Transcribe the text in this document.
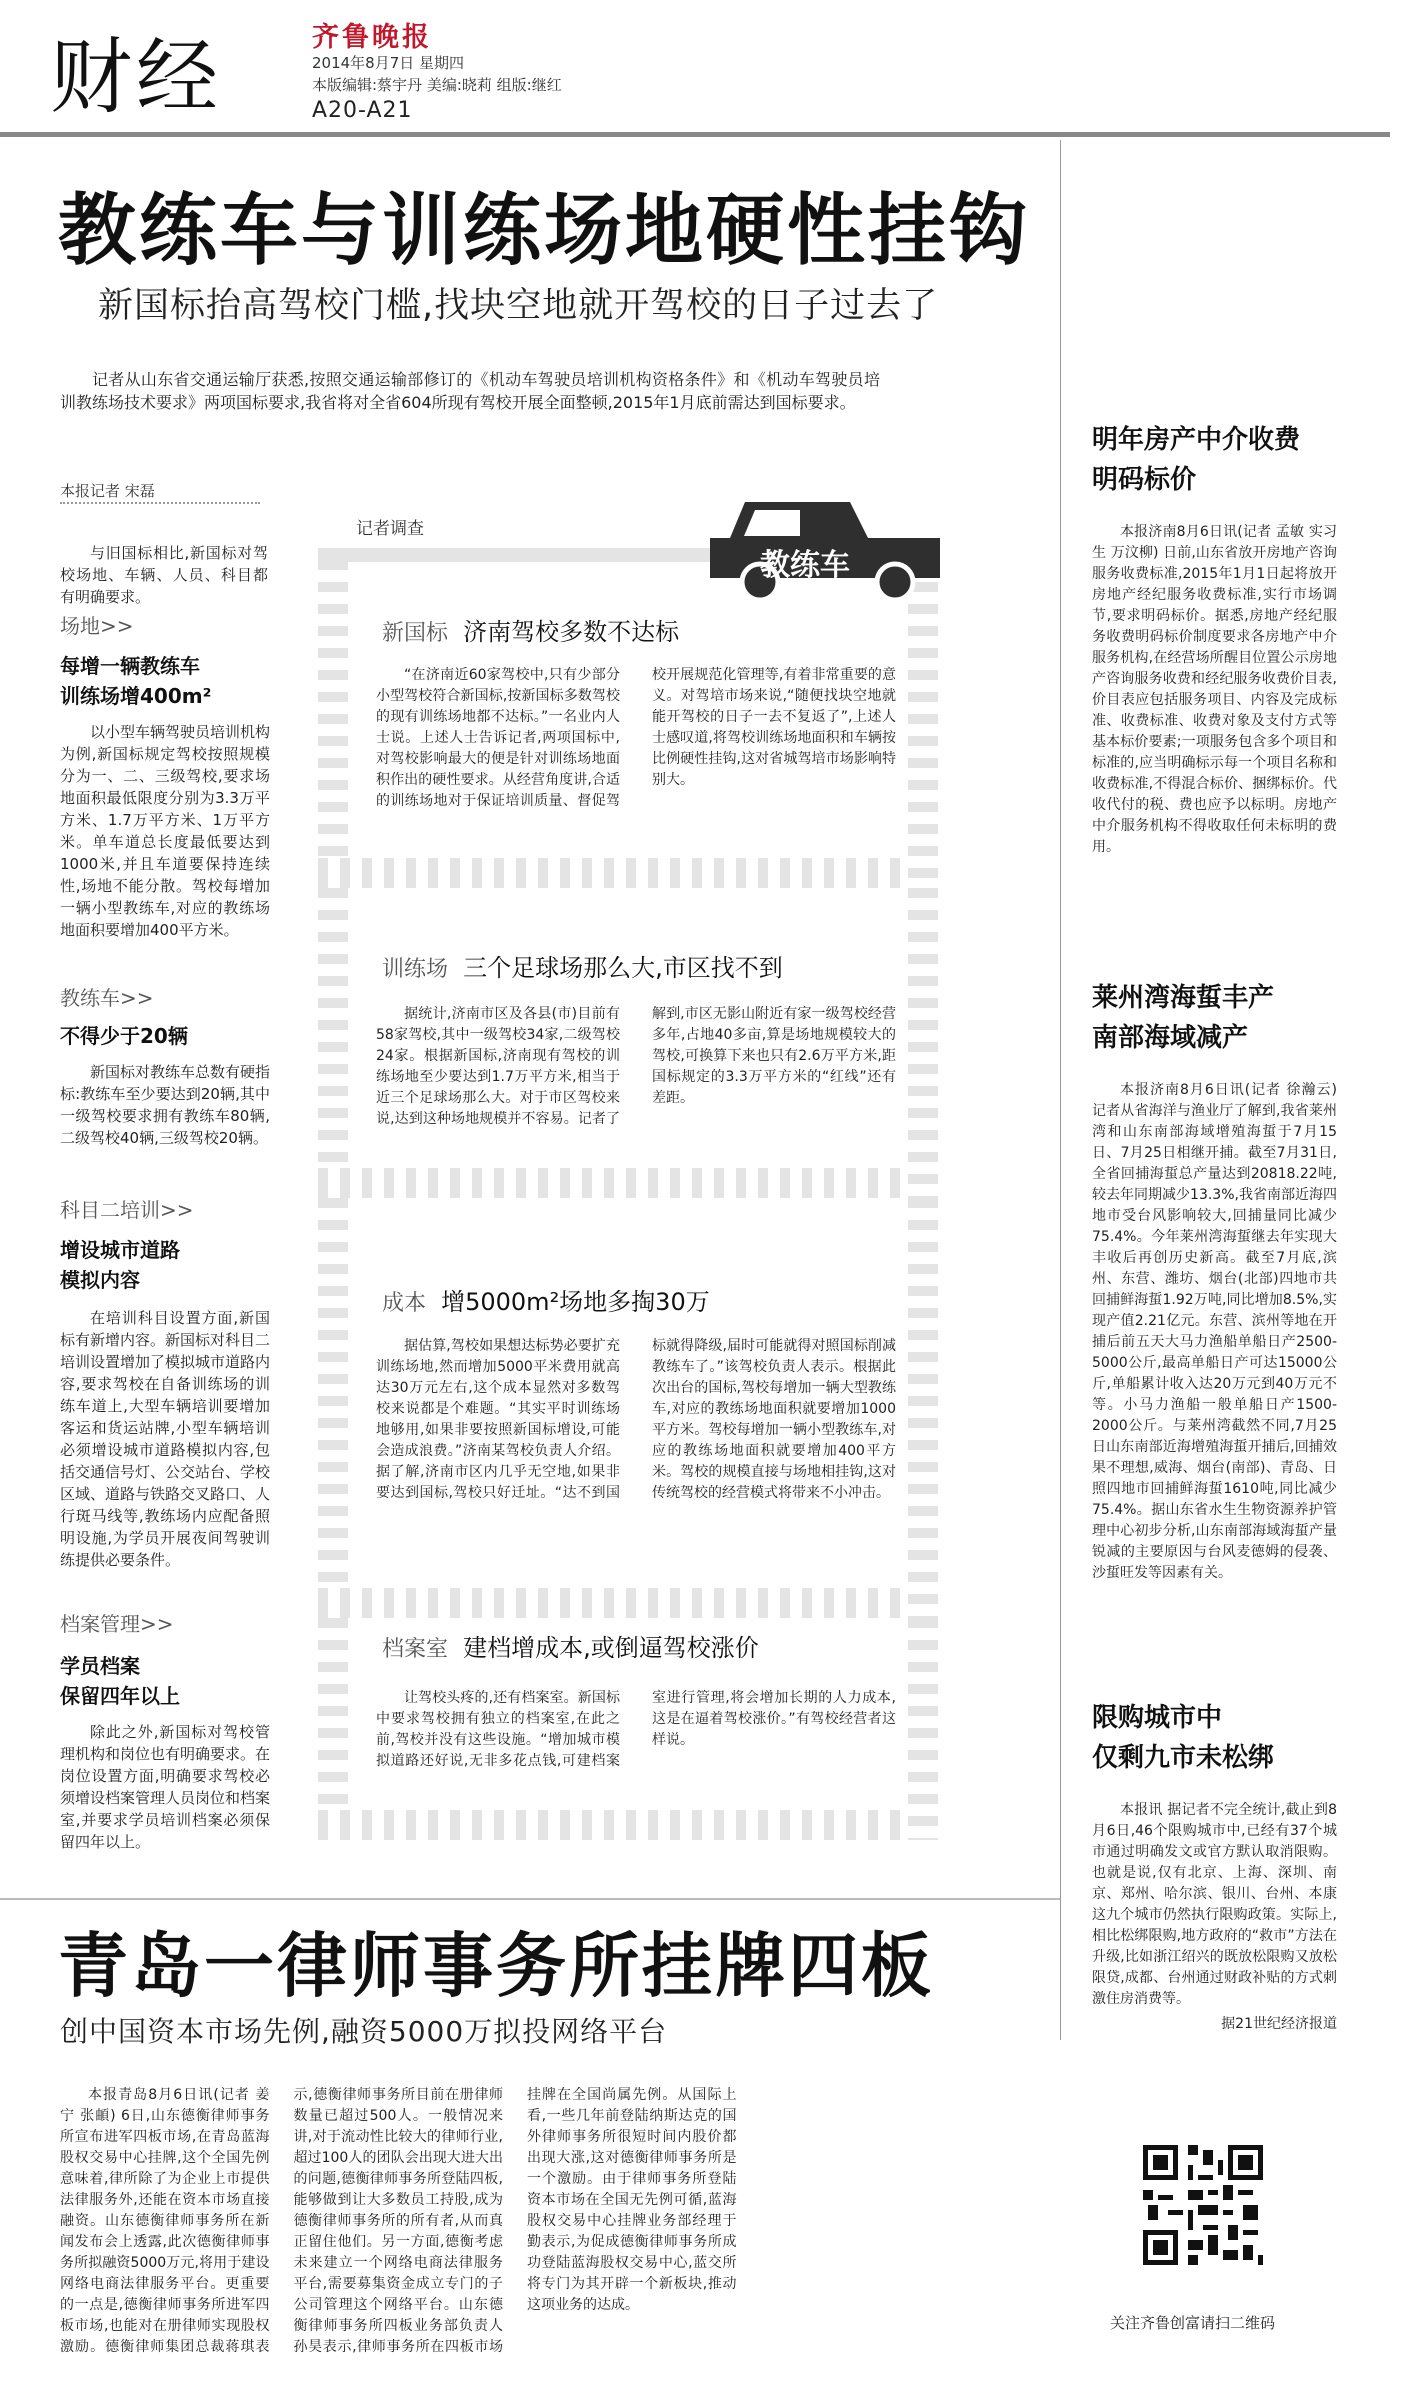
财经	齐鲁晚报
2014年8月7日 星期四
本版编辑:蔡宇丹 美编:晓莉 组版:继红
A20-A21
教练车与训练场地硬性挂钩
新国标抬高驾校门槛,找块空地就开驾校的日子过去了
记者从山东省交通运输厅获悉,按照交通运输部修订的《机动车驾驶员培训机构资格条件》和《机动车驾驶员培训教练场技术要求》两项国标要求,我省将对全省604所现有驾校开展全面整顿,2015年1月底前需达到国标要求。
本报记者 宋磊
与旧国标相比,新国标对驾校场地、车辆、人员、科目都有明确要求。
场地>>
每增一辆教练车
训练场增400m²
以小型车辆驾驶员培训机构为例,新国标规定驾校按照规模分为一、二、三级驾校,要求场地面积最低限度分别为3.3万平方米、1.7万平方米、1万平方米。单车道总长度最低要达到1000米,并且车道要保持连续性,场地不能分散。驾校每增加一辆小型教练车,对应的教练场地面积要增加400平方米。
教练车>>
不得少于20辆
新国标对教练车总数有硬指标:教练车至少要达到20辆,其中一级驾校要求拥有教练车80辆,二级驾校40辆,三级驾校20辆。
科目二培训>>
增设城市道路
模拟内容
在培训科目设置方面,新国标有新增内容。新国标对科目二培训设置增加了模拟城市道路内容,要求驾校在自备训练场的训练车道上,大型车辆培训要增加客运和货运站牌,小型车辆培训必须增设城市道路模拟内容,包括交通信号灯、公交站台、学校区域、道路与铁路交叉路口、人行斑马线等,教练场内应配备照明设施,为学员开展夜间驾驶训练提供必要条件。
档案管理>>
学员档案
保留四年以上
除此之外,新国标对驾校管理机构和岗位也有明确要求。在岗位设置方面,明确要求驾校必须增设档案管理人员岗位和档案室,并要求学员培训档案必须保留四年以上。
记者调查
教练车
新国标 济南驾校多数不达标
“在济南近60家驾校中,只有少部分小型驾校符合新国标,按新国标多数驾校的现有训练场地都不达标。”一名业内人士说。上述人士告诉记者,两项国标中,对驾校影响最大的便是针对训练场地面积作出的硬性要求。从经营角度讲,合适的训练场地对于保证培训质量、督促驾校开展规范化管理等,有着非常重要的意义。对驾培市场来说,“随便找块空地就能开驾校的日子一去不复返了”,上述人士感叹道,将驾校训练场地面积和车辆按比例硬性挂钩,这对省城驾培市场影响特别大。
训练场 三个足球场那么大,市区找不到
据统计,济南市区及各县(市)目前有58家驾校,其中一级驾校34家,二级驾校24家。根据新国标,济南现有驾校的训练场地至少要达到1.7万平方米,相当于近三个足球场那么大。对于市区驾校来说,达到这种场地规模并不容易。记者了解到,市区无影山附近有家一级驾校经营多年,占地40多亩,算是场地规模较大的驾校,可换算下来也只有2.6万平方米,距国标规定的3.3万平方米的“红线”还有差距。
成本 增5000m²场地多掏30万
据估算,驾校如果想达标势必要扩充训练场地,然而增加5000平米费用就高达30万元左右,这个成本显然对多数驾校来说都是个难题。“其实平时训练场地够用,如果非要按照新国标增设,可能会造成浪费。”济南某驾校负责人介绍。据了解,济南市区内几乎无空地,如果非要达到国标,驾校只好迁址。“达不到国标就得降级,届时可能就得对照国标削减教练车了。”该驾校负责人表示。根据此次出台的国标,驾校每增加一辆大型教练车,对应的教练场地面积就要增加1000平方米。驾校每增加一辆小型教练车,对应的教练场地面积就要增加400平方米。驾校的规模直接与场地相挂钩,这对传统驾校的经营模式将带来不小冲击。
档案室 建档增成本,或倒逼驾校涨价
让驾校头疼的,还有档案室。新国标中要求驾校拥有独立的档案室,在此之前,驾校并没有这些设施。“增加城市模拟道路还好说,无非多花点钱,可建档案室进行管理,将会增加长期的人力成本,这是在逼着驾校涨价。”有驾校经营者这样说。
明年房产中介收费
明码标价
本报济南8月6日讯(记者 孟敏 实习生 万汶柳) 日前,山东省放开房地产咨询服务收费标准,2015年1月1日起将放开房地产经纪服务收费标准,实行市场调节,要求明码标价。据悉,房地产经纪服务收费明码标价制度要求各房地产中介服务机构,在经营场所醒目位置公示房地产咨询服务收费和经纪服务收费价目表,价目表应包括服务项目、内容及完成标准、收费标准、收费对象及支付方式等基本标价要素;一项服务包含多个项目和标准的,应当明确标示每一个项目名称和收费标准,不得混合标价、捆绑标价。代收代付的税、费也应予以标明。房地产中介服务机构不得收取任何未标明的费用。
莱州湾海蜇丰产
南部海域减产
本报济南8月6日讯(记者 徐瀚云) 记者从省海洋与渔业厅了解到,我省莱州湾和山东南部海域增殖海蜇于7月15日、7月25日相继开捕。截至7月31日,全省回捕海蜇总产量达到20818.22吨,较去年同期减少13.3%,我省南部近海四地市受台风影响较大,回捕量同比减少75.4%。今年莱州湾海蜇继去年实现大丰收后再创历史新高。截至7月底,滨州、东营、潍坊、烟台(北部)四地市共回捕鲜海蜇1.92万吨,同比增加8.5%,实现产值2.21亿元。东营、滨州等地在开捕后前五天大马力渔船单船日产2500-5000公斤,最高单船日产可达15000公斤,单船累计收入达20万元到40万元不等。小马力渔船一般单船日产1500-2000公斤。与莱州湾截然不同,7月25日山东南部近海增殖海蜇开捕后,回捕效果不理想,威海、烟台(南部)、青岛、日照四地市回捕鲜海蜇1610吨,同比减少75.4%。据山东省水生生物资源养护管理中心初步分析,山东南部海域海蜇产量锐减的主要原因与台风麦德姆的侵袭、沙蜇旺发等因素有关。
限购城市中
仅剩九市未松绑
本报讯 据记者不完全统计,截止到8月6日,46个限购城市中,已经有37个城市通过明确发文或官方默认取消限购。也就是说,仅有北京、上海、深圳、南京、郑州、哈尔滨、银川、台州、本康这九个城市仍然执行限购政策。实际上,相比松绑限购,地方政府的“救市”方法在升级,比如浙江绍兴的既放松限购又放松限贷,成都、台州通过财政补贴的方式刺激住房消费等。
据21世纪经济报道
关注齐鲁创富请扫二维码
青岛一律师事务所挂牌四板
创中国资本市场先例,融资5000万拟投网络平台
本报青岛8月6日讯(记者 姜宁 张頔) 6日,山东德衡律师事务所宣布进军四板市场,在青岛蓝海股权交易中心挂牌,这个全国先例意味着,律所除了为企业上市提供法律服务外,还能在资本市场直接融资。山东德衡律师事务所在新闻发布会上透露,此次德衡律师事务所拟融资5000万元,将用于建设网络电商法律服务平台。更重要的一点是,德衡律师事务所进军四板市场,也能对在册律师实现股权激励。德衡律师集团总裁蒋琪表示,德衡律师事务所目前在册律师数量已超过500人。一般情况来讲,对于流动性比较大的律师行业,超过100人的团队会出现大进大出的问题,德衡律师事务所登陆四板,能够做到让大多数员工持股,成为德衡律师事务所的所有者,从而真正留住他们。另一方面,德衡考虑未来建立一个网络电商法律服务平台,需要募集资金成立专门的子公司管理这个网络平台。山东德衡律师事务所四板业务部负责人孙昊表示,律师事务所在四板市场挂牌在全国尚属先例。从国际上看,一些几年前登陆纳斯达克的国外律师事务所很短时间内股价都出现大涨,这对德衡律师事务所是一个激励。由于律师事务所登陆资本市场在全国无先例可循,蓝海股权交易中心挂牌业务部经理于勤表示,为促成德衡律师事务所成功登陆蓝海股权交易中心,蓝交所将专门为其开辟一个新板块,推动这项业务的达成。
